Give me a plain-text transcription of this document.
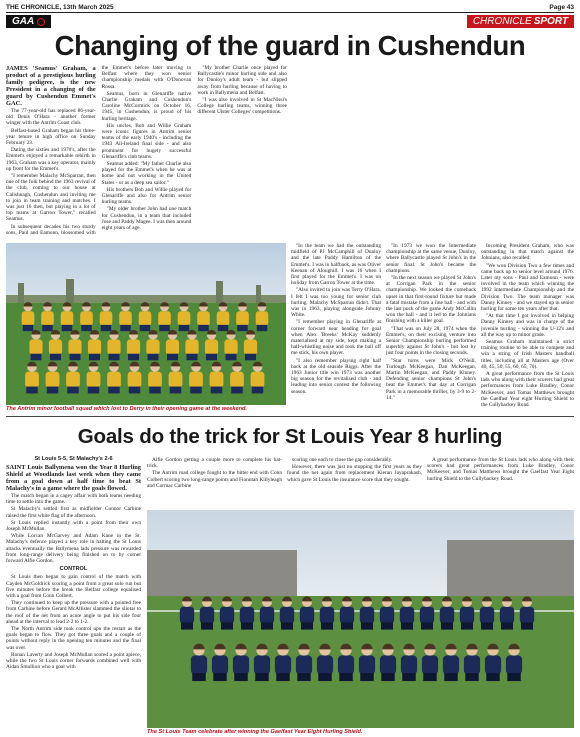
THE CHRONICLE, 13th March 2025	Page 43
GAA	CHRONICLE SPORT
Changing of the guard in Cushendun

JAMES 'Seamus' Graham, a product of a prestigious hurling family pedigree, is the new President in a changing of the guard by Cushendun Emmet's GAC.

The 77-year-old has replaced 86-year-old Denis O'Hara - another former winger with the Antrim Coast club.

Belfast-based Graham began his three-year tenure in high office on Sunday February 23.

Dating the sixties and 1970's, after the Emmet's enjoyed a remarkable rebirth in 1963, Graham was a key operator, mainly up front for the Emmet's.

"I remember Malachy McSparran, then one of the folk behind the 1963 revival of the club, coming to our house at Calishnagh, Cushendun and inviting me to join in team training and matches. I was just 16 then, but playing in a lot of top teams at Garron Tower," recalled Seamus.

In subsequent decades his two sturdy sons, Paul and Eamonn, blossomed with the Emmet's before later moving to Belfast where they won senior championship medals with O'Donovan Rossa.

Seamus, born in Glenariffe native Charlie Graham and Cushendun's Caroline McCormick on October 16, 1945, in Cushendun, is proud of his hurling heritage.

His uncles, Bob and Willie Graham were iconic figures in Antrim senior teams of the early 1940's - including the 1943 All-Ireland final side - and also prominent for hugely successful Glenariffe's club teams.

Seamus added: "My father Charlie also played for the Emmet's when he was at home and not working in the United States - or as a deep sea sailor."

His brothers Bob and Willie played for Glenariffe and also for Antrim senior hurling teams.

"My older brother John had one match for Cushendun, in a team that included Jose and Paddy Magee. I was then around eight years of age.

"My brother Charlie once played for Ballycastle's minor hurling side and also for Dunloy's adult team - but slipped away from hurling because of having to work in Ballymena and Belfast.

"I was also involved in St MacNissi's College hurling teams, winning three different Ulster Colleges' competitions.

The Antrim minor football squad which lost to Derry in their opening game at the weekend.

"In the team we had the outstanding midfield of PJ McCamphill of Dunloy and the late Paddy Hamilton of the Emmet's. I was in halfback, as was Oliver Keenan of Aloughill. I was 16 when I first played for the Emmet's. I was on holiday from Garron Tower at the time.

"Also invited to join was Terry O'Hara. I felt I was too young for senior club hurling. Malachy McSparran didn't. That was in 1963, playing alongside Johnny White.

"I remember playing in Glenariffe at corner forward near heading for goal when Alex 'Breeks' McKay suddenly materialised at my side, kept making a half-whistling noise and took the ball off me stick, his own player.

"I also remember playing right half back at the old seaside Riggs. After the 1963 Junior title win 1973 was another big season for the revitalised club - and leading into senior contest the following season.

"In 1973 we won the Intermediate championship at the same venue, Dunloy, where Ballycastle played St John's in the senior final. St John's became the champions.

"In the next season we played St John's at Corrigan Park in the senior championship. We looked the comeback upset in that first-round fixture but made a fatal mistake from a line ball - and with the last puck of the game Andy McCallin won the ball - and it led to the Johnians finishing with a killer goal.

"That was on July 28, 1974 when the Emmet's, on their excising venture into Senior Championship hurling performed superbly against St John's - but lost by just four points in the closing seconds.

"Star turns were Mick O'Neill, Turlough McKeegan, Dan McKeegan, Martin McKeegan, and Paddy Kinney. Defending senior champions St John's beat the Emmet's that day at Corrigan Park in a memorable thriller, by 3-9 to 2-14."

Incoming President Graham, who was outstanding in that match against the Johnians, also recalled:

"We won Division Two a few times and came back up to senior level around 1976. Later my sons - Paul and Eamonn - were involved in the team which winning the 1992 Intermediate Championship and the Division Two. The team manager was Danny Kinney - and we stayed up in senior hurling for some ten years after that.

"At that time I got involved in helping Danny Kinney and was in charge of the juvenile hurling - winning the U-12's and all the way up to minor grade.

Seamus Graham maintained a strict training routine to be able to compete and win a string of Irish Masters handball titles, including all at Masters age (Over 40, 45, 50, 55, 60, 65, 70).

A great performance from the St Louis lads who along with their scorers had great performances from Luke Bradley, Conor McKeever, and Tomas Matthews brought the Gaelfast Year eight Hurling Shield to the Cullybackey Road.

Goals do the trick for St Louis Year 8 hurling
St Louis 5-5, St Malachy's 2-6

SAINT Louis Ballymena won the Year 8 Hurling Shield at Woodlands last week when they came from a goal down at half time to beat St Malachy's in a game where the goals flowed.

The match began in a cagey affair with both teams needing time to settle into the game.

St Malachy's settled first as midfielder Connor Carbine raised the first white flag of the afternoon.

St Louis replied instantly with a point from their own Joseph McMullan.

While Lorcan McGarvey and Adam Kane in the St. Malachy's defence played a key role in halting the St Louis attacks eventually the Ballymena lads pressure was rewarded from long-range delivery being finished on to by corner forward Alfie Gordon.

CONTROL

St Louis then began to gain control of the match with Cayden McGoldrick scoring a point from a great solo run but five minutes before the break the Belfast college equalised with a goal from Conn Colbert.

They continued to keep up the pressure with a pointed free from Carbine before Gerard McAllister slammed the sliotar to the roof of the net from an acute angle to put his side four ahead at the interval to lead 2-2 to 1-2.

The North Antrim side took control upn the restart as the goals began to flow. They got three goals and a couple of points without reply in the opening ten minutes and the final was over.

Ronan Laverty and Joseph McMullan scored a point apiece, while the two St Louis corner forwards combined well with Aidan Smullion who a goal with

Alfie Gordon getting a couple more to complete his hat-trick.

The Antrim road college fought to the bitter end with Conn Colbert scoring two long-range points and Fionntan Killyleagh and Cormac Carbine

scoring one each to close the gap considerably.

However, there was just no stopping the first years as they found the net again from replacement Kieran Jayaprakash, which gave St Louis the insurance score that they sought.

A great performance from the St Louis lads who along with their scorers had great performances from Luke Bradley, Conor McKeever, and Tomas Matthews brought the Gaelfast Year Eight hurling Shield to the Cullybackey Road.

The St Louis Team celebrate after winning the Gaelfast Year Eight Hurling Shield.
